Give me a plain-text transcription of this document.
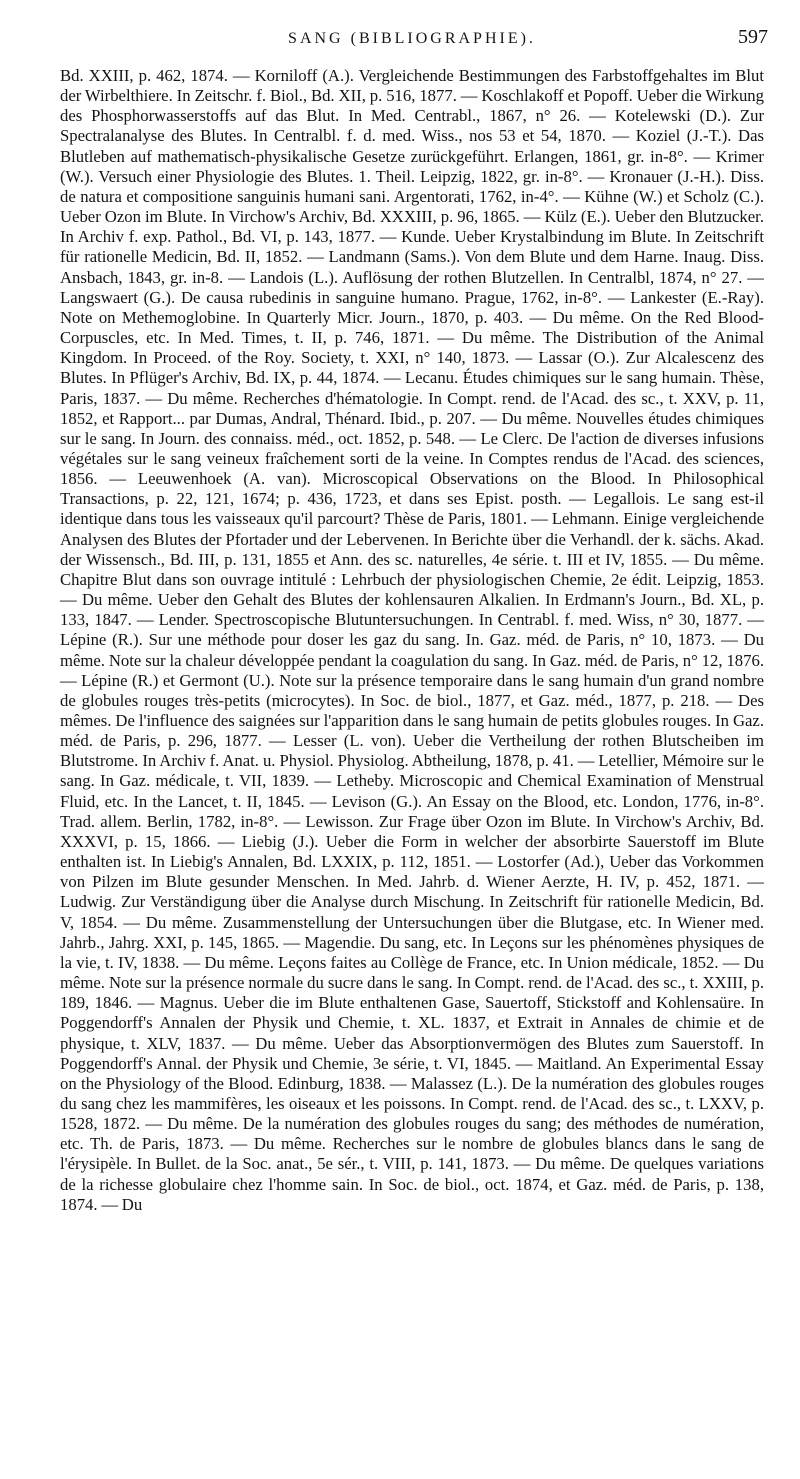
SANG (BIBLIOGRAPHIE).	597

Bd. XXIII, p. 462, 1874. — Korniloff (A.). Vergleichende Bestimmungen des Farbstoffgehaltes im Blut der Wirbelthiere. In Zeitschr. f. Biol., Bd. XII, p. 516, 1877. — Koschlakoff et Popoff. Ueber die Wirkung des Phosphorwasserstoffs auf das Blut. In Med. Centrabl., 1867, n° 26. — Kotelewski (D.). Zur Spectralanalyse des Blutes. In Centralbl. f. d. med. Wiss., nos 53 et 54, 1870. — Koziel (J.-T.). Das Blutleben auf mathematisch-physikalische Gesetze zurückgeführt. Erlangen, 1861, gr. in-8°. — Krimer (W.). Versuch einer Physiologie des Blutes. 1. Theil. Leipzig, 1822, gr. in-8°. — Kronauer (J.-H.). Diss. de natura et compositione sanguinis humani sani. Argentorati, 1762, in-4°. — Kühne (W.) et Scholz (C.). Ueber Ozon im Blute. In Virchow's Archiv, Bd. XXXIII, p. 96, 1865. — Külz (E.). Ueber den Blutzucker. In Archiv f. exp. Pathol., Bd. VI, p. 143, 1877. — Kunde. Ueber Krystalbindung im Blute. In Zeitschrift für rationelle Medicin, Bd. II, 1852. — Landmann (Sams.). Von dem Blute und dem Harne. Inaug. Diss. Ansbach, 1843, gr. in-8. — Landois (L.). Auflösung der rothen Blutzellen. In Centralbl, 1874, n° 27. — Langswaert (G.). De causa rubedinis in sanguine humano. Prague, 1762, in-8°. — Lankester (E.-Ray). Note on Methemoglobine. In Quarterly Micr. Journ., 1870, p. 403. — Du même. On the Red Blood-Corpuscles, etc. In Med. Times, t. II, p. 746, 1871. — Du même. The Distribution of the Animal Kingdom. In Proceed. of the Roy. Society, t. XXI, n° 140, 1873. — Lassar (O.). Zur Alcalescenz des Blutes. In Pflüger's Archiv, Bd. IX, p. 44, 1874. — Lecanu. Études chimiques sur le sang humain. Thèse, Paris, 1837. — Du même. Recherches d'hématologie. In Compt. rend. de l'Acad. des sc., t. XXV, p. 11, 1852, et Rapport... par Dumas, Andral, Thénard. Ibid., p. 207. — Du même. Nouvelles études chimiques sur le sang. In Journ. des connaiss. méd., oct. 1852, p. 548. — Le Clerc. De l'action de diverses infusions végétales sur le sang veineux fraîchement sorti de la veine. In Comptes rendus de l'Acad. des sciences, 1856. — Leeuwenhoek (A. van). Microscopical Observations on the Blood. In Philosophical Transactions, p. 22, 121, 1674; p. 436, 1723, et dans ses Epist. posth. — Legallois. Le sang est-il identique dans tous les vaisseaux qu'il parcourt? Thèse de Paris, 1801. — Lehmann. Einige vergleichende Analysen des Blutes der Pfortader und der Lebervenen. In Berichte über die Verhandl. der k. sächs. Akad. der Wissensch., Bd. III, p. 131, 1855 et Ann. des sc. naturelles, 4e série. t. III et IV, 1855. — Du même. Chapitre Blut dans son ouvrage intitulé : Lehrbuch der physiologischen Chemie, 2e édit. Leipzig, 1853. — Du même. Ueber den Gehalt des Blutes der kohlensauren Alkalien. In Erdmann's Journ., Bd. XL, p. 133, 1847. — Lender. Spectroscopische Blutuntersuchungen. In Centrabl. f. med. Wiss, n° 30, 1877. — Lépine (R.). Sur une méthode pour doser les gaz du sang. In. Gaz. méd. de Paris, n° 10, 1873. — Du même. Note sur la chaleur développée pendant la coagulation du sang. In Gaz. méd. de Paris, n° 12, 1876. — Lépine (R.) et Germont (U.). Note sur la présence temporaire dans le sang humain d'un grand nombre de globules rouges très-petits (microcytes). In Soc. de biol., 1877, et Gaz. méd., 1877, p. 218. — Des mêmes. De l'influence des saignées sur l'apparition dans le sang humain de petits globules rouges. In Gaz. méd. de Paris, p. 296, 1877. — Lesser (L. von). Ueber die Vertheilung der rothen Blutscheiben im Blutstrome. In Archiv f. Anat. u. Physiol. Physiolog. Abtheilung, 1878, p. 41. — Letellier, Mémoire sur le sang. In Gaz. médicale, t. VII, 1839. — Letheby. Microscopic and Chemical Examination of Menstrual Fluid, etc. In the Lancet, t. II, 1845. — Levison (G.). An Essay on the Blood, etc. London, 1776, in-8°. Trad. allem. Berlin, 1782, in-8°. — Lewisson. Zur Frage über Ozon im Blute. In Virchow's Archiv, Bd. XXXVI, p. 15, 1866. — Liebig (J.). Ueber die Form in welcher der absorbirte Sauerstoff im Blute enthalten ist. In Liebig's Annalen, Bd. LXXIX, p. 112, 1851. — Lostorfer (Ad.), Ueber das Vorkommen von Pilzen im Blute gesunder Menschen. In Med. Jahrb. d. Wiener Aerzte, H. IV, p. 452, 1871. — Ludwig. Zur Verständigung über die Analyse durch Mischung. In Zeitschrift für rationelle Medicin, Bd. V, 1854. — Du même. Zusammenstellung der Untersuchungen über die Blutgase, etc. In Wiener med. Jahrb., Jahrg. XXI, p. 145, 1865. — Magendie. Du sang, etc. In Leçons sur les phénomènes physiques de la vie, t. IV, 1838. — Du même. Leçons faites au Collège de France, etc. In Union médicale, 1852. — Du même. Note sur la présence normale du sucre dans le sang. In Compt. rend. de l'Acad. des sc., t. XXIII, p. 189, 1846. — Magnus. Ueber die im Blute enthaltenen Gase, Sauertoff, Stickstoff and Kohlensaüre. In Poggendorff's Annalen der Physik und Chemie, t. XL. 1837, et Extrait in Annales de chimie et de physique, t. XLV, 1837. — Du même. Ueber das Absorptionvermögen des Blutes zum Sauerstoff. In Poggendorff's Annal. der Physik und Chemie, 3e série, t. VI, 1845. — Maitland. An Experimental Essay on the Physiology of the Blood. Edinburg, 1838. — Malassez (L.). De la numération des globules rouges du sang chez les mammifères, les oiseaux et les poissons. In Compt. rend. de l'Acad. des sc., t. LXXV, p. 1528, 1872. — Du même. De la numération des globules rouges du sang; des méthodes de numération, etc. Th. de Paris, 1873. — Du même. Recherches sur le nombre de globules blancs dans le sang de l'érysipèle. In Bullet. de la Soc. anat., 5e sér., t. VIII, p. 141, 1873. — Du même. De quelques variations de la richesse globulaire chez l'homme sain. In Soc. de biol., oct. 1874, et Gaz. méd. de Paris, p. 138, 1874. — Du
